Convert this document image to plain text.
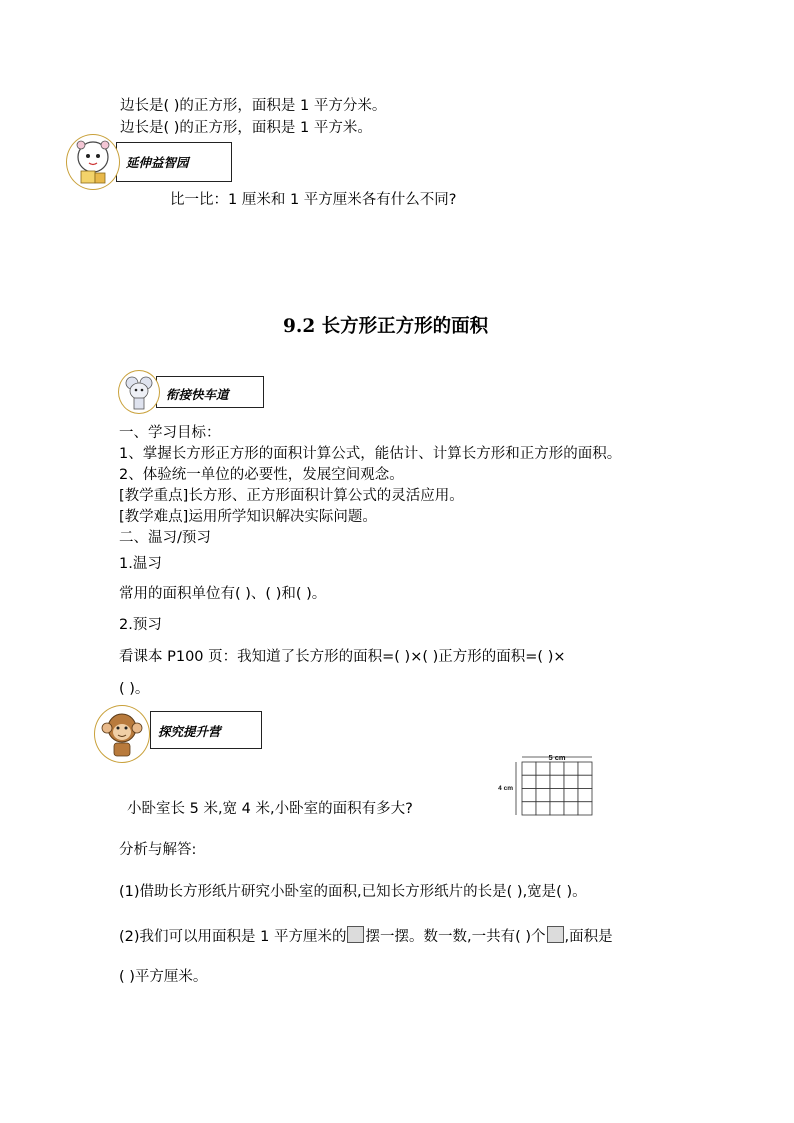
边长是( )的正方形，面积是 1 平方分米。
边长是( )的正方形，面积是 1 平方米。
延伸益智园
比一比：1 厘米和 1 平方厘米各有什么不同?
9.2 长方形正方形的面积
衔接快车道
一、学习目标：
1、掌握长方形正方形的面积计算公式，能估计、计算长方形和正方形的面积。
2、体验统一单位的必要性，发展空间观念。
[教学重点]长方形、正方形面积计算公式的灵活应用。
[教学难点]运用所学知识解决实际问题。
二、温习/预习
1.温习
常用的面积单位有( )、( )和( )。
2.预习
看课本 P100 页：我知道了长方形的面积=( )×( )正方形的面积=( )×
( )。
探究提升营
5 cm
4 cm
小卧室长 5 米,宽 4 米,小卧室的面积有多大?
分析与解答:
(1)借助长方形纸片研究小卧室的面积,已知长方形纸片的长是( ),宽是( )。
(2)我们可以用面积是 1 平方厘米的 摆一摆。数一数,一共有( )个 ,面积是
( )平方厘米。
